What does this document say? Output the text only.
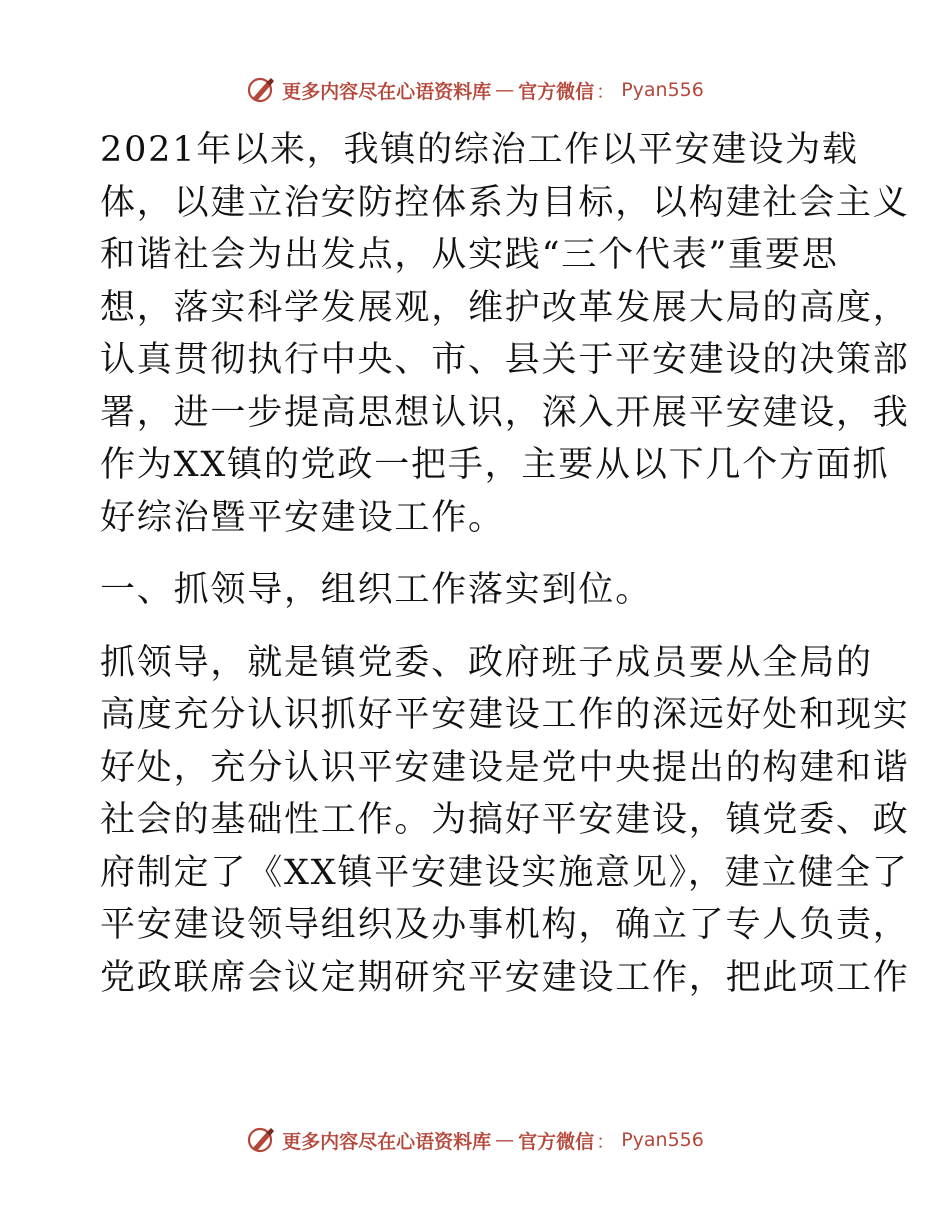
更多内容尽在心语资料库 — 官方微信 ： Pyan556

2021年以来，我镇的综治工作以平安建设为载
体，以建立治安防控体系为目标，以构建社会主义
和谐社会为出发点，从实践“三个代表”重要思
想，落实科学发展观，维护改革发展大局的高度，
认真贯彻执行中央、市、县关于平安建设的决策部
署，进一步提高思想认识，深入开展平安建设，我
作为XX镇的党政一把手，主要从以下几个方面抓
好综治暨平安建设工作。

一、抓领导，组织工作落实到位。

抓领导，就是镇党委、政府班子成员要从全局的
高度充分认识抓好平安建设工作的深远好处和现实
好处，充分认识平安建设是党中央提出的构建和谐
社会的基础性工作。为搞好平安建设，镇党委、政
府制定了《XX镇平安建设实施意见》，建立健全了
平安建设领导组织及办事机构，确立了专人负责，
党政联席会议定期研究平安建设工作，把此项工作

更多内容尽在心语资料库 — 官方微信 ： Pyan556
